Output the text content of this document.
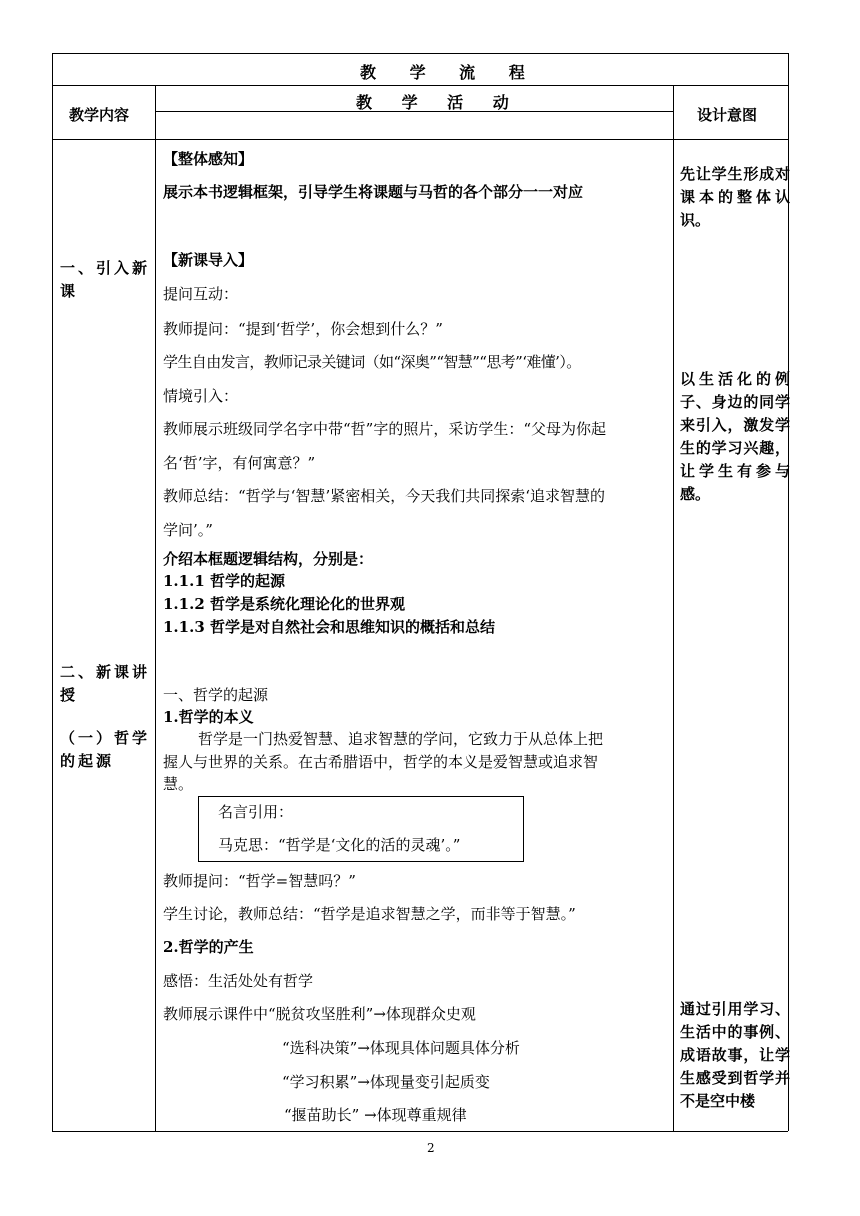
教 学 流 程
教学内容
教 学 活 动
设计意图
一、引入新
课
二、新课讲
授
（一）哲学
的起源
【整体感知】
展示本书逻辑框架，引导学生将课题与马哲的各个部分一一对应
【新课导入】
提问互动：
教师提问：“提到‘哲学’，你会想到什么？”
学生自由发言，教师记录关键词（如“深奥”“智慧”“思考”‘难懂’）。
情境引入：
教师展示班级同学名字中带“哲”字的照片，采访学生：“父母为你起
名‘哲’字，有何寓意？”
教师总结：“哲学与‘智慧’紧密相关，今天我们共同探索‘追求智慧的
学问’。”
介绍本框题逻辑结构，分别是：
1.1.1 哲学的起源
1.1.2 哲学是系统化理论化的世界观
1.1.3 哲学是对自然社会和思维知识的概括和总结
一、哲学的起源
1.哲学的本义
哲学是一门热爱智慧、追求智慧的学问，它致力于从总体上把
握人与世界的关系。在古希腊语中，哲学的本义是爱智慧或追求智
慧。
名言引用：
马克思：“哲学是‘文化的活的灵魂’。”
教师提问：“哲学=智慧吗？”
学生讨论，教师总结：“哲学是追求智慧之学，而非等于智慧。”
2.哲学的产生
感悟：生活处处有哲学
教师展示课件中“脱贫攻坚胜利”→体现群众史观
“选科决策”→体现具体问题具体分析
“学习积累”→体现量变引起质变
“揠苗助长” →体现尊重规律
先让学生形成对课本的整体认识。
以生活化的例子、身边的同学来引入，激发学生的学习兴趣，让学生有参与感。
通过引用学习、生活中的事例、成语故事，让学生感受到哲学并不是空中楼
2
